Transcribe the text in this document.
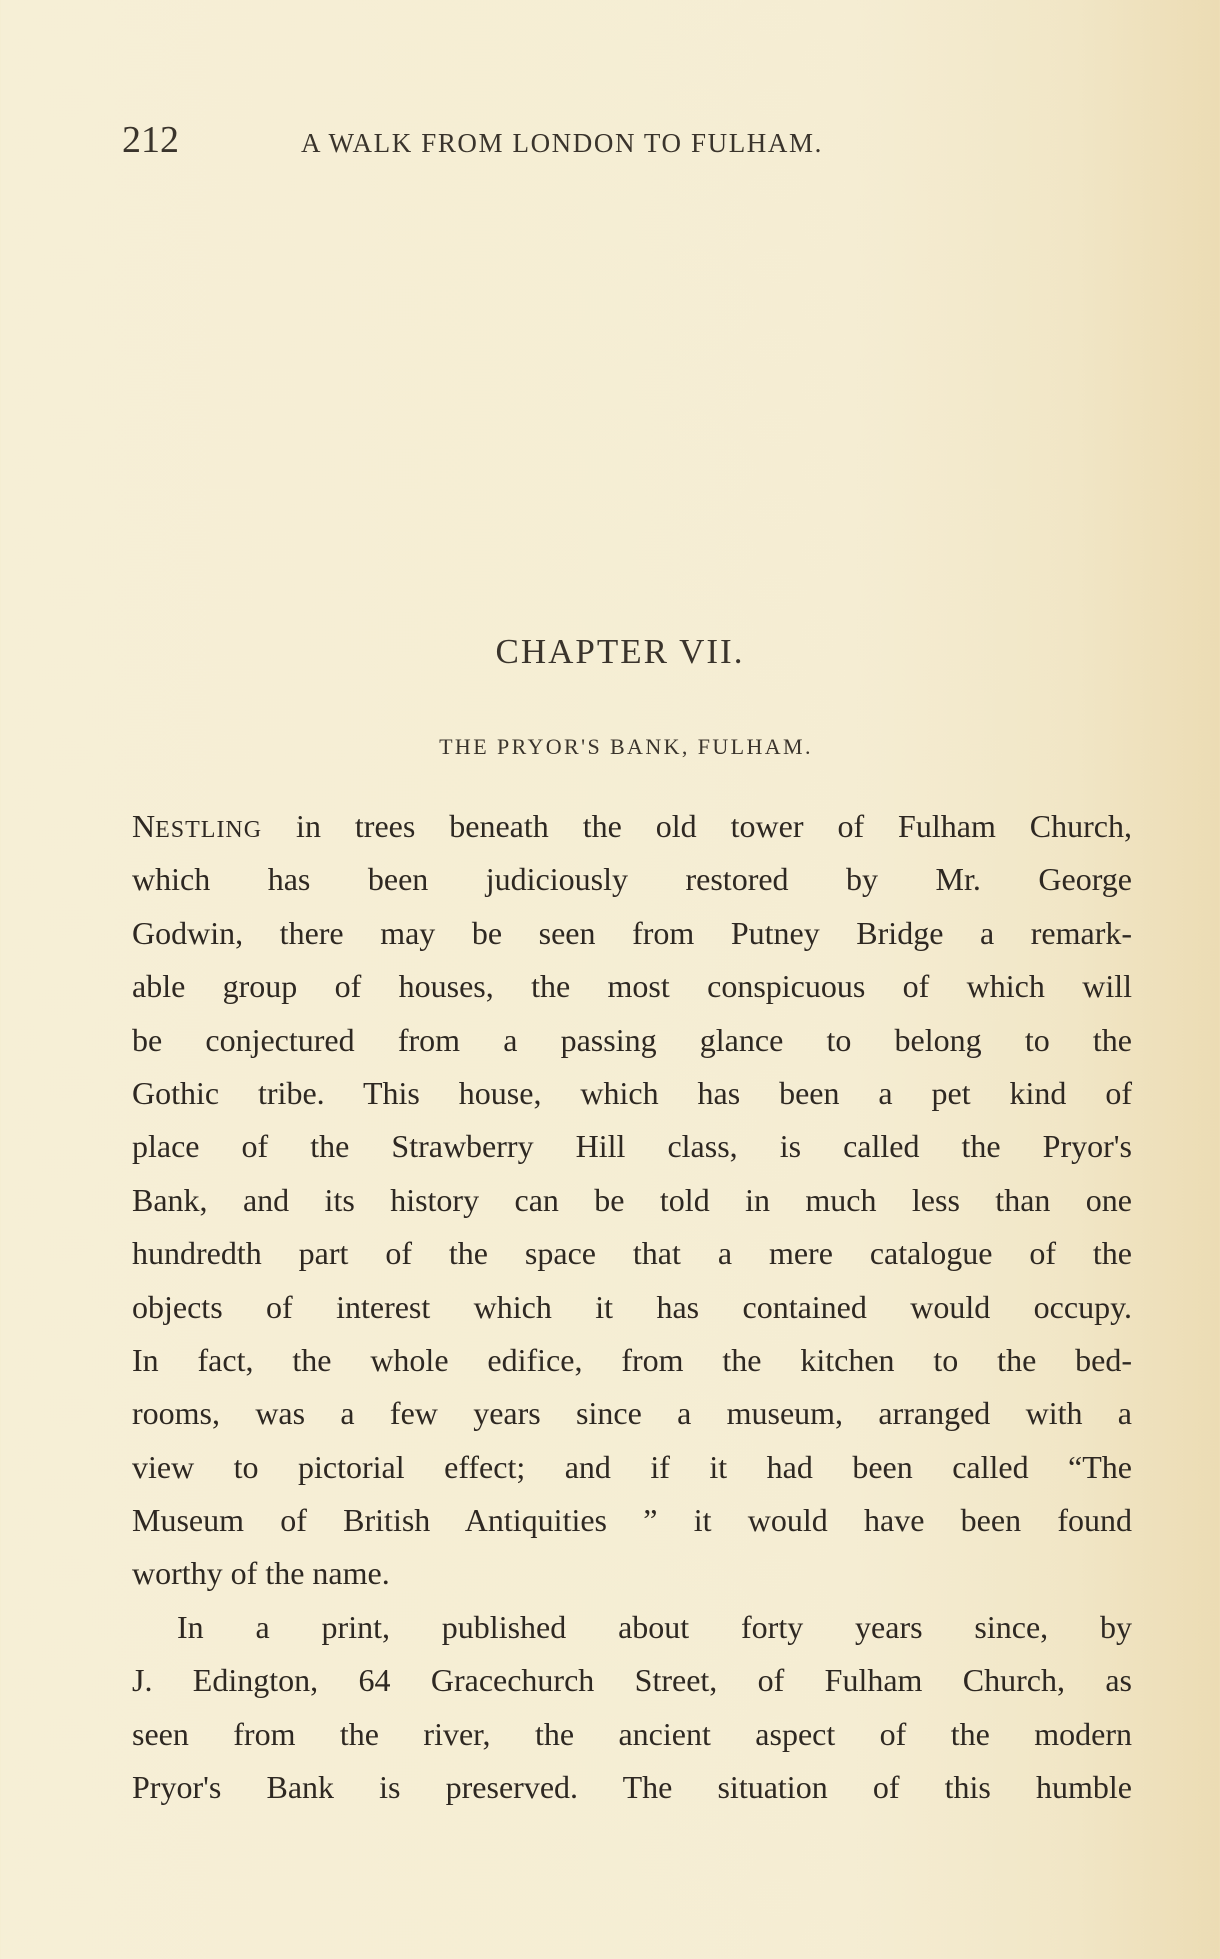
212	A WALK FROM LONDON TO FULHAM.
CHAPTER VII.
THE PRYOR'S BANK, FULHAM.
NESTLING in trees beneath the old tower of Fulham Church,
which has been judiciously restored by Mr. George
Godwin, there may be seen from Putney Bridge a remark-
able group of houses, the most conspicuous of which will
be conjectured from a passing glance to belong to the
Gothic tribe. This house, which has been a pet kind of
place of the Strawberry Hill class, is called the Pryor's
Bank, and its history can be told in much less than one
hundredth part of the space that a mere catalogue of the
objects of interest which it has contained would occupy.
In fact, the whole edifice, from the kitchen to the bed-
rooms, was a few years since a museum, arranged with a
view to pictorial effect; and if it had been called “The
Museum of British Antiquities ” it would have been found
worthy of the name.
In a print, published about forty years since, by
J. Edington, 64 Gracechurch Street, of Fulham Church, as
seen from the river, the ancient aspect of the modern
Pryor's Bank is preserved. The situation of this humble
